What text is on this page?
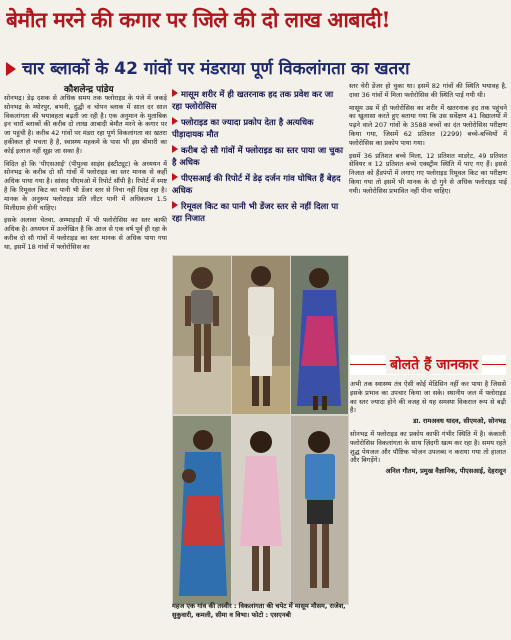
बेमौत मरने की कगार पर जिले की दो लाख आबादी!
चार ब्लाकों के 42 गांवों पर मंडराया पूर्ण विकलांगता का खतरा
कौशलेन्द्र पांडेय

सोनभद्र। डेढ़ दशक से अधिक समय तक फ्लोराइड के पंजे में जकड़े सोनभद्र के म्योरपुर, बभनी, दुद्धी व चोपन ब्लाक में साल दर साल विकलांगता की भयावहता बढ़ती जा रही है। एक अनुमान के मुताबिक इन चारों ब्लाकों की करीब दो लाख आबादी बेमौत मरने के कगार पर जा पहुंची है। करीब 42 गांवों पर मंडरा रहा पूर्ण विकलांगता का खतरा हकीकत हो मचता है है, स्वास्थ्य महकमे के पास भी इस बीमारी का कोई इलाज नहीं सूझ जा सका है।

विदित हो कि 'पीएसआई' (पीपुल्स साइंस इंस्टीट्यूट) के अध्ययन में सोनभद्र के करीब दो सौ गांवों में फ्लोराइड का स्तर मानक से कहीं अधिक पाया गया है। सांसद पीएमओ में रिपोर्ट सौंपी है। रिपोर्ट में स्पष्ट है कि रिमूवल किट का पानी भी डेंजर स्तर से निचा नहीं दिख रहा है। मानक के अनुरूप फ्लोराइड प्रति लीटर पानी में अधिकतम 1.5 मिलीग्राम होनी चाहिए।

इसके अलावा चेतवा, अम्भाड़ाड़ी में भी फ्लोरोसिस का स्तर काफी अधिक है। अध्ययन में उल्लेखित है कि आज से एक वर्ष पूर्व ही रहा के करीब दो सौ गांवों में फ्लोराइड का स्तर मानक से अधिक पाया गया था, इसमें 18 गांवों में फ्लोरोसिस का

मासूम शरीर में ही खतरनाक हद तक प्रवेश कर जा रहा फ्लोरोसिस
फ्लोराइड का ज्यादा प्रकोप देता है अत्यधिक पीड़ादायक मौत
करीब दो सौ गांवों में फ्लोराइड का स्तर पाया जा चुका है अधिक
पीएसआई की रिपोर्ट में डेढ़ दर्जन गांव घोषित हैं बेहद अधिक
रिमूवल किट का पानी भी डेंजर स्तर से नहीं दिला पा रहा निजात

स्तर चेरी डेंजर हो चुका था। इसमें 82 गांवों की स्थिति भयावह है, दावा 36 गांवों में मिला फ्लोरोसिस की स्थिति पाई गयी थी।

मासूम उम्र में ही फ्लोरोसिस का शरीर में खतरनाक हद तक पहुंचने का खुलासा करते हुए बताया गया कि उस सर्वेक्षण 41 विद्यालयों में पढ़ने वाले 207 गांवों के 3588 बच्चों का दंत फ्लोरोसिस परीक्षण किया गया, जिसमें 62 प्रतिशत (2299) बच्चे-बच्चियों में फ्लोरोसिस का प्रकोप पाया गया।

इसमें 36 प्रतिशत बच्चे मिला, 12 प्रतिशत माडरेट, 49 प्रतिशत सेवियर व 12 प्रतिशत बच्चे एक्स्ट्रीम स्थिति में पाए गए हैं। इससे निजात को हैंडपंपों में लगाए गए फ्लोराइड रिमूवल किट का परीक्षण किया गया तो इसमें भी मानक के दो गुने से अधिक फ्लोराइड पाई गयी। फ्लोरोसिस प्रभावित नहीं पीना चाहिए।

महज एक गांव की तस्वीर : विकलांगता की चपेट में मासूम मौसम, राजेश, सुकुवारी, कमली, सीमा व विभा। फोटो : एसएनबी
बोलते हैं जानकार

अभी तक स्वास्थ्य तंत्र ऐसी कोई मेडिसिन नहीं कर पाया है जिससे इसके प्रभाव का उपचार किया जा सके। स्थानीय जल में फ्लोराइड का स्तर ज्यादा होने की वजह से यह समस्या विकराल रूप से बढ़ी है।

डा. रामअवध यादव, सीएमओ, सोनभद्र

सोनभद्र में फ्लोराइड का प्रकोप काफी गंभीर स्थिति में है। कंकाली फ्लोरोसिस विकलांगता के साथ ज़िंदगी खत्म कर रहा है। समय रहते शुद्ध पेयजल और पौष्टिक भोजन उपलब्ध न कराया गया तो हालात और बिगड़ेंगे।

अनिल गौतम, प्रमुख वैज्ञानिक, पीएसआई, देहरादून
